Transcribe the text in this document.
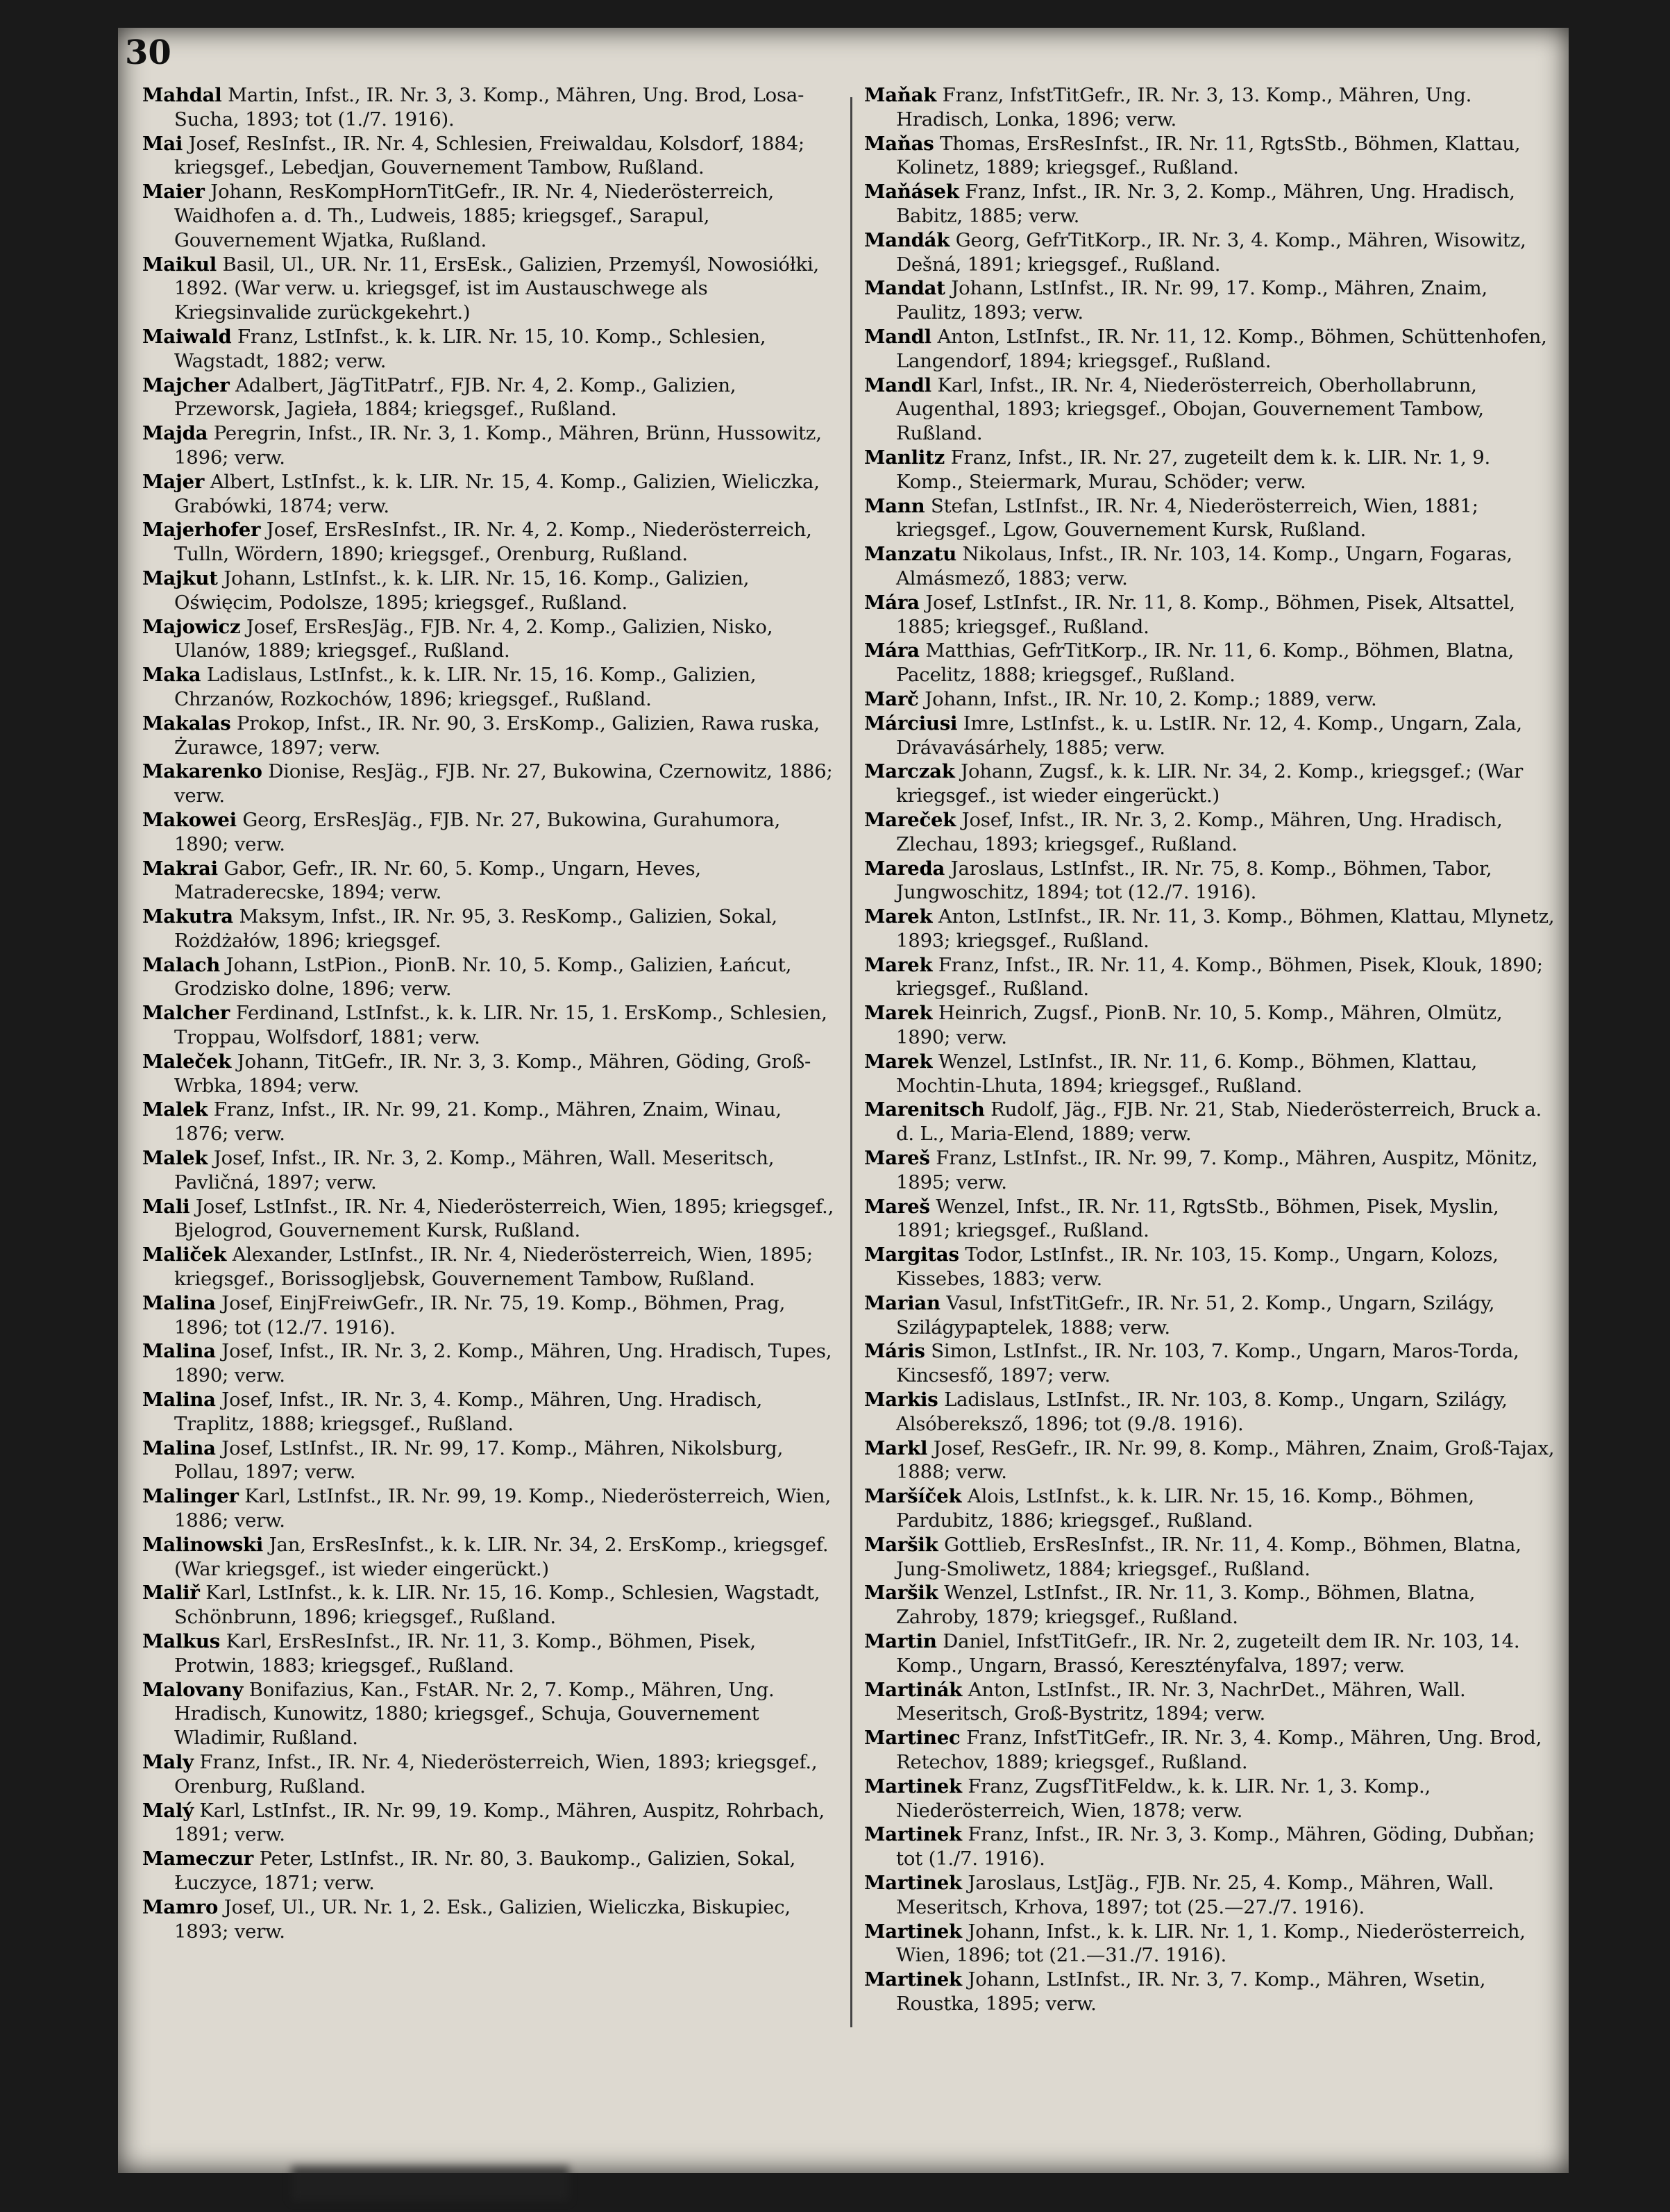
30

Mahdal Martin, Infst., IR. Nr. 3, 3. Komp., Mähren, Ung. Brod, Losa-Sucha, 1893; tot (1./7. 1916).

Mai Josef, ResInfst., IR. Nr. 4, Schlesien, Freiwaldau, Kolsdorf, 1884; kriegsgef., Lebedjan, Gouvernement Tambow, Rußland.

Maier Johann, ResKompHornTitGefr., IR. Nr. 4, Niederösterreich, Waidhofen a. d. Th., Ludweis, 1885; kriegsgef., Sarapul, Gouvernement Wjatka, Rußland.

Maikul Basil, Ul., UR. Nr. 11, ErsEsk., Galizien, Przemyśl, Nowosiółki, 1892. (War verw. u. kriegsgef, ist im Austauschwege als Kriegsinvalide zurückgekehrt.)

Maiwald Franz, LstInfst., k. k. LIR. Nr. 15, 10. Komp., Schlesien, Wagstadt, 1882; verw.

Majcher Adalbert, JägTitPatrf., FJB. Nr. 4, 2. Komp., Galizien, Przeworsk, Jagieła, 1884; kriegsgef., Rußland.

Majda Peregrin, Infst., IR. Nr. 3, 1. Komp., Mähren, Brünn, Hussowitz, 1896; verw.

Majer Albert, LstInfst., k. k. LIR. Nr. 15, 4. Komp., Galizien, Wieliczka, Grabówki, 1874; verw.

Majerhofer Josef, ErsResInfst., IR. Nr. 4, 2. Komp., Niederösterreich, Tulln, Wördern, 1890; kriegsgef., Orenburg, Rußland.

Majkut Johann, LstInfst., k. k. LIR. Nr. 15, 16. Komp., Galizien, Oświęcim, Podolsze, 1895; kriegsgef., Rußland.

Majowicz Josef, ErsResJäg., FJB. Nr. 4, 2. Komp., Galizien, Nisko, Ulanów, 1889; kriegsgef., Rußland.

Maka Ladislaus, LstInfst., k. k. LIR. Nr. 15, 16. Komp., Galizien, Chrzanów, Rozkochów, 1896; kriegsgef., Rußland.

Makalas Prokop, Infst., IR. Nr. 90, 3. ErsKomp., Galizien, Rawa ruska, Żurawce, 1897; verw.

Makarenko Dionise, ResJäg., FJB. Nr. 27, Bukowina, Czernowitz, 1886; verw.

Makowei Georg, ErsResJäg., FJB. Nr. 27, Bukowina, Gurahumora, 1890; verw.

Makrai Gabor, Gefr., IR. Nr. 60, 5. Komp., Ungarn, Heves, Matraderecske, 1894; verw.

Makutra Maksym, Infst., IR. Nr. 95, 3. ResKomp., Galizien, Sokal, Rożdżałów, 1896; kriegsgef.

Malach Johann, LstPion., PionB. Nr. 10, 5. Komp., Galizien, Łańcut, Grodzisko dolne, 1896; verw.

Malcher Ferdinand, LstInfst., k. k. LIR. Nr. 15, 1. ErsKomp., Schlesien, Troppau, Wolfsdorf, 1881; verw.

Maleček Johann, TitGefr., IR. Nr. 3, 3. Komp., Mähren, Göding, Groß-Wrbka, 1894; verw.

Malek Franz, Infst., IR. Nr. 99, 21. Komp., Mähren, Znaim, Winau, 1876; verw.

Malek Josef, Infst., IR. Nr. 3, 2. Komp., Mähren, Wall. Meseritsch, Pavličná, 1897; verw.

Mali Josef, LstInfst., IR. Nr. 4, Niederösterreich, Wien, 1895; kriegsgef., Bjelogrod, Gouvernement Kursk, Rußland.

Maliček Alexander, LstInfst., IR. Nr. 4, Niederösterreich, Wien, 1895; kriegsgef., Borissogljebsk, Gouvernement Tambow, Rußland.

Malina Josef, EinjFreiwGefr., IR. Nr. 75, 19. Komp., Böhmen, Prag, 1896; tot (12./7. 1916).

Malina Josef, Infst., IR. Nr. 3, 2. Komp., Mähren, Ung. Hradisch, Tupes, 1890; verw.

Malina Josef, Infst., IR. Nr. 3, 4. Komp., Mähren, Ung. Hradisch, Traplitz, 1888; kriegsgef., Rußland.

Malina Josef, LstInfst., IR. Nr. 99, 17. Komp., Mähren, Nikolsburg, Pollau, 1897; verw.

Malinger Karl, LstInfst., IR. Nr. 99, 19. Komp., Niederösterreich, Wien, 1886; verw.

Malinowski Jan, ErsResInfst., k. k. LIR. Nr. 34, 2. ErsKomp., kriegsgef. (War kriegsgef., ist wieder eingerückt.)

Maliř Karl, LstInfst., k. k. LIR. Nr. 15, 16. Komp., Schlesien, Wagstadt, Schönbrunn, 1896; kriegsgef., Rußland.

Malkus Karl, ErsResInfst., IR. Nr. 11, 3. Komp., Böhmen, Pisek, Protwin, 1883; kriegsgef., Rußland.

Malovany Bonifazius, Kan., FstAR. Nr. 2, 7. Komp., Mähren, Ung. Hradisch, Kunowitz, 1880; kriegsgef., Schuja, Gouvernement Wladimir, Rußland.

Maly Franz, Infst., IR. Nr. 4, Niederösterreich, Wien, 1893; kriegsgef., Orenburg, Rußland.

Malý Karl, LstInfst., IR. Nr. 99, 19. Komp., Mähren, Auspitz, Rohrbach, 1891; verw.

Mameczur Peter, LstInfst., IR. Nr. 80, 3. Baukomp., Galizien, Sokal, Łuczyce, 1871; verw.

Mamro Josef, Ul., UR. Nr. 1, 2. Esk., Galizien, Wieliczka, Biskupiec, 1893; verw.

Maňak Franz, InfstTitGefr., IR. Nr. 3, 13. Komp., Mähren, Ung. Hradisch, Lonka, 1896; verw.

Maňas Thomas, ErsResInfst., IR. Nr. 11, RgtsStb., Böhmen, Klattau, Kolinetz, 1889; kriegsgef., Rußland.

Maňásek Franz, Infst., IR. Nr. 3, 2. Komp., Mähren, Ung. Hradisch, Babitz, 1885; verw.

Mandák Georg, GefrTitKorp., IR. Nr. 3, 4. Komp., Mähren, Wisowitz, Dešná, 1891; kriegsgef., Rußland.

Mandat Johann, LstInfst., IR. Nr. 99, 17. Komp., Mähren, Znaim, Paulitz, 1893; verw.

Mandl Anton, LstInfst., IR. Nr. 11, 12. Komp., Böhmen, Schüttenhofen, Langendorf, 1894; kriegsgef., Rußland.

Mandl Karl, Infst., IR. Nr. 4, Niederösterreich, Oberhollabrunn, Augenthal, 1893; kriegsgef., Obojan, Gouvernement Tambow, Rußland.

Manlitz Franz, Infst., IR. Nr. 27, zugeteilt dem k. k. LIR. Nr. 1, 9. Komp., Steiermark, Murau, Schöder; verw.

Mann Stefan, LstInfst., IR. Nr. 4, Niederösterreich, Wien, 1881; kriegsgef., Lgow, Gouvernement Kursk, Rußland.

Manzatu Nikolaus, Infst., IR. Nr. 103, 14. Komp., Ungarn, Fogaras, Almásmező, 1883; verw.

Mára Josef, LstInfst., IR. Nr. 11, 8. Komp., Böhmen, Pisek, Altsattel, 1885; kriegsgef., Rußland.

Mára Matthias, GefrTitKorp., IR. Nr. 11, 6. Komp., Böhmen, Blatna, Pacelitz, 1888; kriegsgef., Rußland.

Marč Johann, Infst., IR. Nr. 10, 2. Komp.; 1889, verw.

Márciusi Imre, LstInfst., k. u. LstIR. Nr. 12, 4. Komp., Ungarn, Zala, Drávavásárhely, 1885; verw.

Marczak Johann, Zugsf., k. k. LIR. Nr. 34, 2. Komp., kriegsgef.; (War kriegsgef., ist wieder eingerückt.)

Mareček Josef, Infst., IR. Nr. 3, 2. Komp., Mähren, Ung. Hradisch, Zlechau, 1893; kriegsgef., Rußland.

Mareda Jaroslaus, LstInfst., IR. Nr. 75, 8. Komp., Böhmen, Tabor, Jungwoschitz, 1894; tot (12./7. 1916).

Marek Anton, LstInfst., IR. Nr. 11, 3. Komp., Böhmen, Klattau, Mlynetz, 1893; kriegsgef., Rußland.

Marek Franz, Infst., IR. Nr. 11, 4. Komp., Böhmen, Pisek, Klouk, 1890; kriegsgef., Rußland.

Marek Heinrich, Zugsf., PionB. Nr. 10, 5. Komp., Mähren, Olmütz, 1890; verw.

Marek Wenzel, LstInfst., IR. Nr. 11, 6. Komp., Böhmen, Klattau, Mochtin-Lhuta, 1894; kriegsgef., Rußland.

Marenitsch Rudolf, Jäg., FJB. Nr. 21, Stab, Niederösterreich, Bruck a. d. L., Maria-Elend, 1889; verw.

Mareš Franz, LstInfst., IR. Nr. 99, 7. Komp., Mähren, Auspitz, Mönitz, 1895; verw.

Mareš Wenzel, Infst., IR. Nr. 11, RgtsStb., Böhmen, Pisek, Myslin, 1891; kriegsgef., Rußland.

Margitas Todor, LstInfst., IR. Nr. 103, 15. Komp., Ungarn, Kolozs, Kissebes, 1883; verw.

Marian Vasul, InfstTitGefr., IR. Nr. 51, 2. Komp., Ungarn, Szilágy, Szilágypaptelek, 1888; verw.

Máris Simon, LstInfst., IR. Nr. 103, 7. Komp., Ungarn, Maros-Torda, Kincsesfő, 1897; verw.

Markis Ladislaus, LstInfst., IR. Nr. 103, 8. Komp., Ungarn, Szilágy, Alsóbereksző, 1896; tot (9./8. 1916).

Markl Josef, ResGefr., IR. Nr. 99, 8. Komp., Mähren, Znaim, Groß-Tajax, 1888; verw.

Maršíček Alois, LstInfst., k. k. LIR. Nr. 15, 16. Komp., Böhmen, Pardubitz, 1886; kriegsgef., Rußland.

Maršik Gottlieb, ErsResInfst., IR. Nr. 11, 4. Komp., Böhmen, Blatna, Jung-Smoliwetz, 1884; kriegsgef., Rußland.

Maršik Wenzel, LstInfst., IR. Nr. 11, 3. Komp., Böhmen, Blatna, Zahroby, 1879; kriegsgef., Rußland.

Martin Daniel, InfstTitGefr., IR. Nr. 2, zugeteilt dem IR. Nr. 103, 14. Komp., Ungarn, Brassó, Keresztényfalva, 1897; verw.

Martinák Anton, LstInfst., IR. Nr. 3, NachrDet., Mähren, Wall. Meseritsch, Groß-Bystritz, 1894; verw.

Martinec Franz, InfstTitGefr., IR. Nr. 3, 4. Komp., Mähren, Ung. Brod, Retechov, 1889; kriegsgef., Rußland.

Martinek Franz, ZugsfTitFeldw., k. k. LIR. Nr. 1, 3. Komp., Niederösterreich, Wien, 1878; verw.

Martinek Franz, Infst., IR. Nr. 3, 3. Komp., Mähren, Göding, Dubňan; tot (1./7. 1916).

Martinek Jaroslaus, LstJäg., FJB. Nr. 25, 4. Komp., Mähren, Wall. Meseritsch, Krhova, 1897; tot (25.—27./7. 1916).

Martinek Johann, Infst., k. k. LIR. Nr. 1, 1. Komp., Niederösterreich, Wien, 1896; tot (21.—31./7. 1916).

Martinek Johann, LstInfst., IR. Nr. 3, 7. Komp., Mähren, Wsetin, Roustka, 1895; verw.
